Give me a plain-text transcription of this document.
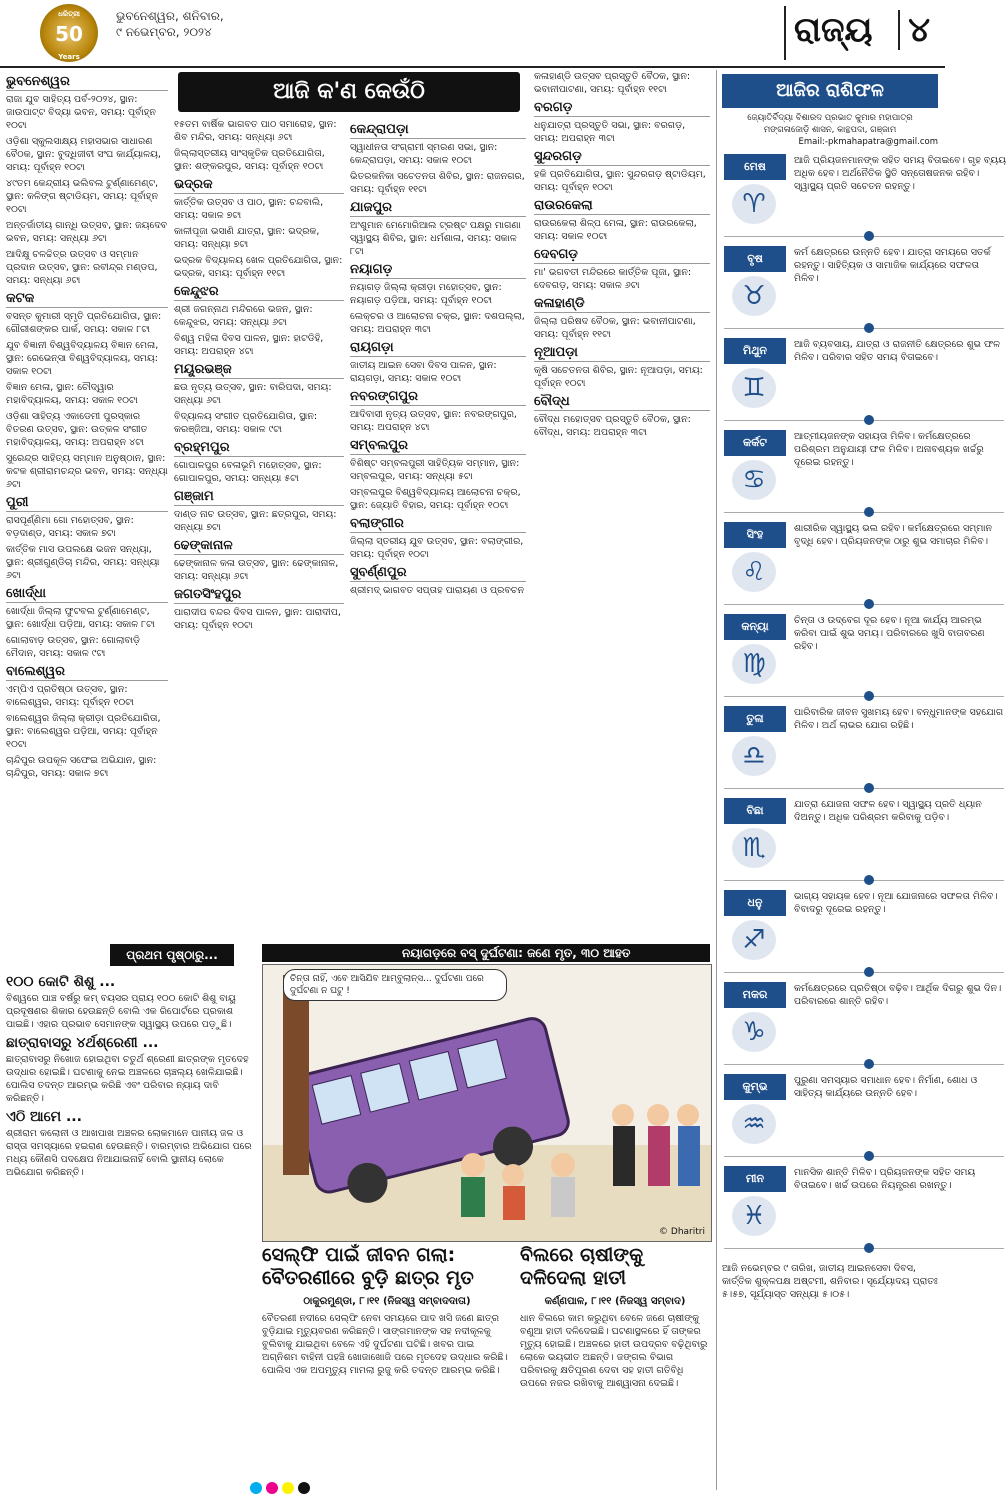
ଧରିତ୍ରୀ
50
Years
ଭୁବନେଶ୍ୱର, ଶନିବାର,
୯ ନଭେମ୍ବର, ୨୦୨୪	ରାଜ୍ୟ ୪
ଆଜି କ'ଣ କେଉଁଠି
ଭୁବନେଶ୍ୱର

ରାଜା ଯୁବ ସାହିତ୍ୟ ପର୍ବ-୨୦୨୪, ସ୍ଥାନ: ଜାଉପାଟ୍ଟ ବିଦ୍ୟା ଭବନ, ସମୟ: ପୂର୍ବାହ୍ନ ୧୦ଟା

ଓଡ଼ିଶା ସ୍କୁଲସାକ୍ଷ୍ୟ ମହାସଭାର ସାଧାରଣ ବୈଠକ, ସ୍ଥାନ: ବୁଦ୍ଧିଜୀବୀ ସଂଘ କାର୍ଯ୍ୟାଳୟ, ସମୟ: ପୂର୍ବାହ୍ନ ୧୦ଟା

୪୯ତମ କେନ୍ଦ୍ରୀୟ ଭଲିବଲ ଟୁର୍ଣ୍ଣାମେଣ୍ଟ, ସ୍ଥାନ: କଳିଙ୍ଗ ଷ୍ଟାଡିୟମ, ସମୟ: ପୂର୍ବାହ୍ନ ୧୦ଟା

ଅନ୍ତର୍ଜାତୀୟ ଗାନ୍ଧି ଉତ୍ସବ, ସ୍ଥାନ: ଜୟଦେବ ଭବନ, ସମୟ: ସନ୍ଧ୍ୟା ୬ଟା

ଆଦିକ୍ଷୁ ଚଳଚ୍ଚିତ୍ର ଉତ୍ସବ ଓ ସମ୍ମାନ ପ୍ରଦାନ ଉତ୍ସବ, ସ୍ଥାନ: ରବୀନ୍ଦ୍ର ମଣ୍ଡପ, ସମୟ: ସନ୍ଧ୍ୟା ୬ଟା

କଟକ

ବସନ୍ତ କୁମାରୀ ସ୍ମୃତି ପ୍ରତିଯୋଗିତା, ସ୍ଥାନ: ଗୌରୀଶଙ୍କର ପାର୍କ, ସମୟ: ସକାଳ ୮ଟା

ଯୁବ ବିଜ୍ଞାନୀ ବିଶ୍ୱବିଦ୍ୟାଳୟ ବିଜ୍ଞାନ ମେଳା, ସ୍ଥାନ: ରେଭେନ୍ସା ବିଶ୍ୱବିଦ୍ୟାଳୟ, ସମୟ: ସକାଳ ୧୦ଟା

ବିଜ୍ଞାନ ମେଳା, ସ୍ଥାନ: ଚୌଦ୍ୱାର ମହାବିଦ୍ୟାଳୟ, ସମୟ: ସକାଳ ୧୦ଟା

ଓଡ଼ିଶା ସାହିତ୍ୟ ଏକାଡେମୀ ପୁରସ୍କାର ବିତରଣ ଉତ୍ସବ, ସ୍ଥାନ: ଉତ୍କଳ ସଂଗୀତ ମହାବିଦ୍ୟାଳୟ, ସମୟ: ଅପରାହ୍ନ ୪ଟା

ସୁରେନ୍ଦ୍ର ସାହିତ୍ୟ ସମ୍ମାନ ଅନୁଷ୍ଠାନ, ସ୍ଥାନ: କଟକ ଶ୍ରୀରାମଚନ୍ଦ୍ର ଭବନ, ସମୟ: ସନ୍ଧ୍ୟା ୬ଟା

ପୁରୀ

ରାସପୂର୍ଣ୍ଣିମା ଗୋ ମହୋତ୍ସବ, ସ୍ଥାନ: ବଡ଼ଦାଣ୍ଡ, ସମୟ: ସକାଳ ୭ଟା

କାର୍ତ୍ତିକ ମାସ ଉପଲକ୍ଷେ ଭଜନ ସନ୍ଧ୍ୟା, ସ୍ଥାନ: ଶ୍ରୀଗୁଣ୍ଡିଚା ମନ୍ଦିର, ସମୟ: ସନ୍ଧ୍ୟା ୬ଟା

ଖୋର୍ଦ୍ଧା

ଖୋର୍ଦ୍ଧା ଜିଲ୍ଲା ଫୁଟବଲ ଟୁର୍ଣ୍ଣାମେଣ୍ଟ, ସ୍ଥାନ: ଖୋର୍ଦ୍ଧା ପଡ଼ିଆ, ସମୟ: ସକାଳ ୮ଟା

ଗୋଲାବାଡ଼ ଉତ୍ସବ, ସ୍ଥାନ: ଗୋଲାବାଡ଼ି ମୈଦାନ, ସମୟ: ସକାଳ ୯ଟା

ବାଲେଶ୍ୱର

ଏମ୍‌ପିଏ ପ୍ରତିଷ୍ଠା ଉତ୍ସବ, ସ୍ଥାନ: ବାଲେଶ୍ୱର, ସମୟ: ପୂର୍ବାହ୍ନ ୧୦ଟା

ବାଲେଶ୍ୱର ଜିଲ୍ଲା କ୍ରୀଡ଼ା ପ୍ରତିଯୋଗିତା, ସ୍ଥାନ: ବାଲେଶ୍ୱର ପଡ଼ିଆ, ସମୟ: ପୂର୍ବାହ୍ନ ୧୦ଟା

ଚାନ୍ଦିପୁର ଉପକୂଳ ସଫେଇ ଅଭିଯାନ, ସ୍ଥାନ: ଚାନ୍ଦିପୁର, ସମୟ: ସକାଳ ୭ଟା

୧୫ତମ ବାର୍ଷିକ ଭାଗବତ ପାଠ ସମାରୋହ, ସ୍ଥାନ: ଶିବ ମନ୍ଦିର, ସମୟ: ସନ୍ଧ୍ୟା ୬ଟା

ଜିଲ୍ଲାସ୍ତରୀୟ ସାଂସ୍କୃତିକ ପ୍ରତିଯୋଗିତା, ସ୍ଥାନ: ଶଙ୍କରପୁର, ସମୟ: ପୂର୍ବାହ୍ନ ୧୦ଟା

ଭଦ୍ରକ

କାର୍ତ୍ତିକ ଉତ୍ସବ ଓ ପାଠ, ସ୍ଥାନ: ଚନ୍ଦବାଲି, ସମୟ: ସକାଳ ୭ଟା

କାଳୀପୂଜା ଭସାଣି ଯାତ୍ରା, ସ୍ଥାନ: ଭଦ୍ରକ, ସମୟ: ସନ୍ଧ୍ୟା ୭ଟା

ଭଦ୍ରକ ବିଦ୍ୟାଳୟ ଖେଳ ପ୍ରତିଯୋଗିତା, ସ୍ଥାନ: ଭଦ୍ରକ, ସମୟ: ପୂର୍ବାହ୍ନ ୧୧ଟା

କେନ୍ଦୁଝର

ଶ୍ରୀ ଜଗନ୍ନାଥ ମନ୍ଦିରରେ ଭଜନ, ସ୍ଥାନ: କେନ୍ଦୁଝର, ସମୟ: ସନ୍ଧ୍ୟା ୬ଟା

ବିଶ୍ୱ ମହିଳା ଦିବସ ପାଳନ, ସ୍ଥାନ: ହାଟଡିହି, ସମୟ: ଅପରାହ୍ନ ୪ଟା

ମୟୂରଭଞ୍ଜ

ଛଉ ନୃତ୍ୟ ଉତ୍ସବ, ସ୍ଥାନ: ବାରିପଦା, ସମୟ: ସନ୍ଧ୍ୟା ୬ଟା

ବିଦ୍ୟାଳୟ ସଂଗୀତ ପ୍ରତିଯୋଗିତା, ସ୍ଥାନ: କରଞ୍ଜିଆ, ସମୟ: ସକାଳ ୯ଟା

ବ୍ରହ୍ମପୁର

ଗୋପାଳପୁର ବେଳାଭୂମି ମହୋତ୍ସବ, ସ୍ଥାନ: ଗୋପାଳପୁର, ସମୟ: ସନ୍ଧ୍ୟା ୫ଟା

ଗଞ୍ଜାମ

ଦାଣ୍ଡ ନାଚ ଉତ୍ସବ, ସ୍ଥାନ: ଛତ୍ରପୁର, ସମୟ: ସନ୍ଧ୍ୟା ୭ଟା

ଢେଙ୍କାନାଳ

ଢେଙ୍କାନାଳ କଳା ଉତ୍ସବ, ସ୍ଥାନ: ଢେଙ୍କାନାଳ, ସମୟ: ସନ୍ଧ୍ୟା ୬ଟା

ଜଗତସିଂହପୁର

ପାରାଦୀପ ବନ୍ଦର ଦିବସ ପାଳନ, ସ୍ଥାନ: ପାରାଦୀପ, ସମୟ: ପୂର୍ବାହ୍ନ ୧୦ଟା

କେନ୍ଦ୍ରାପଡ଼ା

ସ୍ୱାଧୀନତା ସଂଗ୍ରାମୀ ସ୍ମରଣ ସଭା, ସ୍ଥାନ: କେନ୍ଦ୍ରାପଡ଼ା, ସମୟ: ସକାଳ ୧୦ଟା

ଭିତରକନିକା ସଚେତନତା ଶିବିର, ସ୍ଥାନ: ରାଜନଗର, ସମୟ: ପୂର୍ବାହ୍ନ ୧୧ଟା

ଯାଜପୁର

ଅଂଶୁମାନ ମେମୋରିଆଲ ଟ୍ରଷ୍ଟ ପକ୍ଷରୁ ମାଗଣା ସ୍ୱାସ୍ଥ୍ୟ ଶିବିର, ସ୍ଥାନ: ଧର୍ମଶାଳା, ସମୟ: ସକାଳ ୮ଟା

ନୟାଗଡ଼

ନୟାଗଡ଼ ଜିଲ୍ଲା କ୍ରୀଡ଼ା ମହୋତ୍ସବ, ସ୍ଥାନ: ନୟାଗଡ଼ ପଡ଼ିଆ, ସମୟ: ପୂର୍ବାହ୍ନ ୧୦ଟା

ଲେକ୍ଚର ଓ ଆଲୋଚନା ଚକ୍ର, ସ୍ଥାନ: ଦଶପଲ୍ଲା, ସମୟ: ଅପରାହ୍ନ ୩ଟା

ରାୟଗଡ଼ା

ଜାତୀୟ ଆଇନ ସେବା ଦିବସ ପାଳନ, ସ୍ଥାନ: ରାୟଗଡ଼ା, ସମୟ: ସକାଳ ୧୦ଟା

ନବରଙ୍ଗପୁର

ଆଦିବାସୀ ନୃତ୍ୟ ଉତ୍ସବ, ସ୍ଥାନ: ନବରଙ୍ଗପୁର, ସମୟ: ଅପରାହ୍ନ ୪ଟା

ସମ୍ବଲପୁର

ବିଶିଷ୍ଟ ସମ୍ବଲପୁରୀ ସାହିତ୍ୟିକ ସମ୍ମାନ, ସ୍ଥାନ: ସମ୍ବଲପୁର, ସମୟ: ସନ୍ଧ୍ୟା ୫ଟା

ସମ୍ବଲପୁର ବିଶ୍ୱବିଦ୍ୟାଳୟ ଆଲୋଚନା ଚକ୍ର, ସ୍ଥାନ: ଜ୍ୟୋତି ବିହାର, ସମୟ: ପୂର୍ବାହ୍ନ ୧୦ଟା

ବଲାଙ୍ଗୀର

ଜିଲ୍ଲା ସ୍ତରୀୟ ଯୁବ ଉତ୍ସବ, ସ୍ଥାନ: ବଲାଙ୍ଗୀର, ସମୟ: ପୂର୍ବାହ୍ନ ୧୦ଟା

ସୁବର୍ଣ୍ଣପୁର

ଶ୍ରୀମଦ୍ ଭାଗବତ ସପ୍ତାହ ପାରାୟଣ ଓ ପ୍ରବଚନ

କଳାହାଣ୍ଡି ଉତ୍ସବ ପ୍ରସ୍ତୁତି ବୈଠକ, ସ୍ଥାନ: ଭବାନୀପାଟଣା, ସମୟ: ପୂର୍ବାହ୍ନ ୧୧ଟା

ବରଗଡ଼

ଧନୁଯାତ୍ରା ପ୍ରସ୍ତୁତି ସଭା, ସ୍ଥାନ: ବରଗଡ଼, ସମୟ: ଅପରାହ୍ନ ୩ଟା

ସୁନ୍ଦରଗଡ଼

ହକି ପ୍ରତିଯୋଗିତା, ସ୍ଥାନ: ସୁନ୍ଦରଗଡ଼ ଷ୍ଟାଡିୟମ, ସମୟ: ପୂର୍ବାହ୍ନ ୧୦ଟା

ରାଉରକେଲା

ରାଉରକେଲା ଶିଳ୍ପ ମେଳା, ସ୍ଥାନ: ରାଉରକେଲା, ସମୟ: ସକାଳ ୧୦ଟା

ଦେବଗଡ଼

ମା' ଭଗବତୀ ମନ୍ଦିରରେ କାର୍ତ୍ତିକ ପୂଜା, ସ୍ଥାନ: ଦେବଗଡ଼, ସମୟ: ସକାଳ ୬ଟା

କଳାହାଣ୍ଡି

ଜିଲ୍ଲା ପରିଷଦ ବୈଠକ, ସ୍ଥାନ: ଭବାନୀପାଟଣା, ସମୟ: ପୂର୍ବାହ୍ନ ୧୧ଟା

ନୂଆପଡ଼ା

କୃଷି ସଚେତନତା ଶିବିର, ସ୍ଥାନ: ନୂଆପଡ଼ା, ସମୟ: ପୂର୍ବାହ୍ନ ୧୦ଟା

ବୌଦ୍ଧ

ବୌଦ୍ଧ ମହୋତ୍ସବ ପ୍ରସ୍ତୁତି ବୈଠକ, ସ୍ଥାନ: ବୌଦ୍ଧ, ସମୟ: ଅପରାହ୍ନ ୩ଟା

ଆଜିର ରାଶିଫଳ
ଜ୍ୟୋତିର୍ବିଦ୍ୟା ବିଶାରଦ ପ୍ରଭାତ କୁମାର ମହାପାତ୍ର
ମଙ୍ଗଳାଜୋଡ଼ି ଶାସନ, କାନ୍ଥପଦା, ଗଞ୍ଜାମ
Email:-pkmahapatra@gmail.com
ମେଷ
♈
ଆଜି ପ୍ରିୟଜନମାନଙ୍କ ସହିତ ସମୟ ବିତାଇବେ। ଗୃହ ବ୍ୟୟ ଅଧିକ ହେବ। ଅର୍ଥନୈତିକ ସ୍ଥିତି ସନ୍ତୋଷଜନକ ରହିବ। ସ୍ୱାସ୍ଥ୍ୟ ପ୍ରତି ସଚେତନ ରହନ୍ତୁ।
ବୃଷ
♉
କର୍ମ କ୍ଷେତ୍ରରେ ଉନ୍ନତି ହେବ। ଯାତ୍ରା ସମୟରେ ସତର୍କ ରହନ୍ତୁ। ସାହିତ୍ୟିକ ଓ ସାମାଜିକ କାର୍ଯ୍ୟରେ ସଫଳତା ମିଳିବ।
ମିଥୁନ
♊
ଆଜି ବ୍ୟବସାୟ, ଯାତ୍ରା ଓ ରାଜନୀତି କ୍ଷେତ୍ରରେ ଶୁଭ ଫଳ ମିଳିବ। ପରିବାର ସହିତ ସମୟ ବିତାଇବେ।
କର୍କଟ
♋
ଆତ୍ମୀୟଜନଙ୍କ ସହାୟତା ମିଳିବ। କର୍ମକ୍ଷେତ୍ରରେ ପରିଶ୍ରମ ଅନୁଯାୟୀ ଫଳ ମିଳିବ। ଅନାବଶ୍ୟକ ଖର୍ଚ୍ଚରୁ ଦୂରେଇ ରହନ୍ତୁ।
ସିଂହ
♌
ଶାରୀରିକ ସ୍ୱାସ୍ଥ୍ୟ ଭଲ ରହିବ। କର୍ମକ୍ଷେତ୍ରରେ ସମ୍ମାନ ବୃଦ୍ଧି ହେବ। ପ୍ରିୟଜନଙ୍କ ଠାରୁ ଶୁଭ ସମାଚାର ମିଳିବ।
କନ୍ୟା
♍
ଚିନ୍ତା ଓ ଉଦ୍‌ବେଗ ଦୂର ହେବ। ନୂଆ କାର୍ଯ୍ୟ ଆରମ୍ଭ କରିବା ପାଇଁ ଶୁଭ ସମୟ। ପରିବାରରେ ଖୁସି ବାତାବରଣ ରହିବ।
ତୁଳା
♎
ପାରିବାରିକ ଜୀବନ ସୁଖମୟ ହେବ। ବନ୍ଧୁମାନଙ୍କ ସହଯୋଗ ମିଳିବ। ଅର୍ଥ ଲାଭର ଯୋଗ ରହିଛି।
ବିଛା
♏
ଯାତ୍ରା ଯୋଜନା ସଫଳ ହେବ। ସ୍ୱାସ୍ଥ୍ୟ ପ୍ରତି ଧ୍ୟାନ ଦିଅନ୍ତୁ। ଅଧିକ ପରିଶ୍ରମ କରିବାକୁ ପଡ଼ିବ।
ଧନୁ
♐
ଭାଗ୍ୟ ସହାୟକ ହେବ। ନୂଆ ଯୋଜନାରେ ସଫଳତା ମିଳିବ। ବିବାଦରୁ ଦୂରେଇ ରହନ୍ତୁ।
ମକର
♑
କର୍ମକ୍ଷେତ୍ରରେ ପ୍ରତିଷ୍ଠା ବଢ଼ିବ। ଆର୍ଥିକ ଦିଗରୁ ଶୁଭ ଦିନ। ପରିବାରରେ ଶାନ୍ତି ରହିବ।
କୁମ୍ଭ
♒
ପୁରୁଣା ସମସ୍ୟାର ସମାଧାନ ହେବ। ନିର୍ମାଣ, ଶୋଧ ଓ ସାହିତ୍ୟ କାର୍ଯ୍ୟରେ ଉନ୍ନତି ହେବ।
ମୀନ
♓
ମାନସିକ ଶାନ୍ତି ମିଳିବ। ପ୍ରିୟଜନଙ୍କ ସହିତ ସମୟ ବିତାଇବେ। ଖର୍ଚ୍ଚ ଉପରେ ନିୟନ୍ତ୍ରଣ ରଖନ୍ତୁ।
ଆଜି ନଭେମ୍ବର ୯ ତାରିଖ, ଜାତୀୟ ଆଇନସେବା ଦିବସ, କାର୍ତ୍ତିକ ଶୁକ୍ଳପକ୍ଷ ଅଷ୍ଟମୀ, ଶନିବାର। ସୂର୍ଯ୍ୟୋଦୟ ପ୍ରାତଃ ୫।୫୭, ସୂର୍ଯ୍ୟାସ୍ତ ସନ୍ଧ୍ୟା ୫।୦୫।
ପ୍ରଥମ ପୃଷ୍ଠାରୁ...
୧୦୦ କୋଟି ଶିଶୁ ...

ବିଶ୍ୱରେ ପାଞ୍ଚ ବର୍ଷରୁ କମ୍ ବୟସର ପ୍ରାୟ ୧୦୦ କୋଟି ଶିଶୁ ବାୟୁ ପ୍ରଦୂଷଣର ଶିକାର ହେଉଛନ୍ତି ବୋଲି ଏକ ରିପୋର୍ଟରେ ପ୍ରକାଶ ପାଇଛି। ଏହାର ପ୍ରଭାବ ସେମାନଙ୍କ ସ୍ୱାସ୍ଥ୍ୟ ଉପରେ ପଡ଼ୁଛି।

ଛାତ୍ରାବାସରୁ ୪ର୍ଥଶ୍ରେଣୀ ...

ଛାତ୍ରାବାସରୁ ନିଖୋଜ ହୋଇଥିବା ଚତୁର୍ଥ ଶ୍ରେଣୀ ଛାତ୍ରଙ୍କ ମୃତଦେହ ଉଦ୍ଧାର ହୋଇଛି। ଘଟଣାକୁ ନେଇ ଅଞ୍ଚଳରେ ଚାଞ୍ଚଲ୍ୟ ଖେଳିଯାଇଛି। ପୋଲିସ ତଦନ୍ତ ଆରମ୍ଭ କରିଛି ଏବଂ ପରିବାର ନ୍ୟାୟ ଦାବି କରିଛନ୍ତି।

ଏଠି ଆମେ ...

ଶ୍ରୀରାମ କଲୋନୀ ଓ ଆଖପାଖ ଅଞ୍ଚଳର ଲୋକମାନେ ପାନୀୟ ଜଳ ଓ ରାସ୍ତା ସମସ୍ୟାରେ ହଇରାଣ ହେଉଛନ୍ତି। ବାରମ୍ବାର ଅଭିଯୋଗ ପରେ ମଧ୍ୟ କୌଣସି ପଦକ୍ଷେପ ନିଆଯାଇନାହିଁ ବୋଲି ସ୍ଥାନୀୟ ଲୋକେ ଅଭିଯୋଗ କରିଛନ୍ତି।

ନୟାଗଡ଼ରେ ବସ୍ ଦୁର୍ଘଟଣା: ଜଣେ ମୃତ, ୩୦ ଆହତ
ଚିନ୍ତା ନାହିଁ, ଏବେ ଆସିଯିବ ଆମ୍ବୁଲାନ୍ସ... ଦୁର୍ଘଟଣା ପରେ ଦୁର୍ଘଟଣା ନ ଘଟୁ !
© Dharitri
ସେଲ୍ଫି ପାଇଁ ଜୀବନ ଗଲା: ବୈତରଣୀରେ ବୁଡ଼ି ଛାତ୍ର ମୃତ
ଠାକୁରମୁଣ୍ଡା, ୮।୧୧ (ନିଜସ୍ୱ ସମ୍ବାଦଦାତା)
ବୈତରଣୀ ନଦୀରେ ସେଲ୍ଫି ନେବା ସମୟରେ ପାଦ ଖସି ଜଣେ ଛାତ୍ର ବୁଡ଼ିଯାଇ ମୃତ୍ୟୁବରଣ କରିଛନ୍ତି। ସାଙ୍ଗମାନଙ୍କ ସହ ନଦୀକୂଳକୁ ବୁଲିବାକୁ ଯାଇଥିବା ବେଳେ ଏହି ଦୁର୍ଘଟଣା ଘଟିଛି। ଖବର ପାଇ ଅଗ୍ନିଶମ ବାହିନୀ ପହଞ୍ଚି ଖୋଜାଖୋଜି ପରେ ମୃତଦେହ ଉଦ୍ଧାର କରିଛି। ପୋଲିସ ଏକ ଅପମୃତ୍ୟୁ ମାମଲା ରୁଜୁ କରି ତଦନ୍ତ ଆରମ୍ଭ କରିଛି।
ବିଲରେ ଚାଷୀଙ୍କୁ ଦଳିଦେଲା ହାତୀ
କର୍ଣ୍ଣପାଳ, ୮।୧୧ (ନିଜସ୍ୱ ସମ୍ବାଦ)
ଧାନ ବିଲରେ କାମ କରୁଥିବା ବେଳେ ଜଣେ ଚାଷୀଙ୍କୁ ବଣୁଆ ହାତୀ ଦଳିଦେଇଛି। ଘଟଣାସ୍ଥଳରେ ହିଁ ତାଙ୍କର ମୃତ୍ୟୁ ହୋଇଛି। ଅଞ୍ଚଳରେ ହାତୀ ଉପଦ୍ରବ ବଢ଼ିଥିବାରୁ ଲୋକେ ଭୟଭୀତ ଅଛନ୍ତି। ଜଙ୍ଗଲ ବିଭାଗ ପରିବାରକୁ କ୍ଷତିପୂରଣ ଦେବା ସହ ହାତୀ ଗତିବିଧି ଉପରେ ନଜର ରଖିବାକୁ ଆଶ୍ୱାସନା ଦେଇଛି।
